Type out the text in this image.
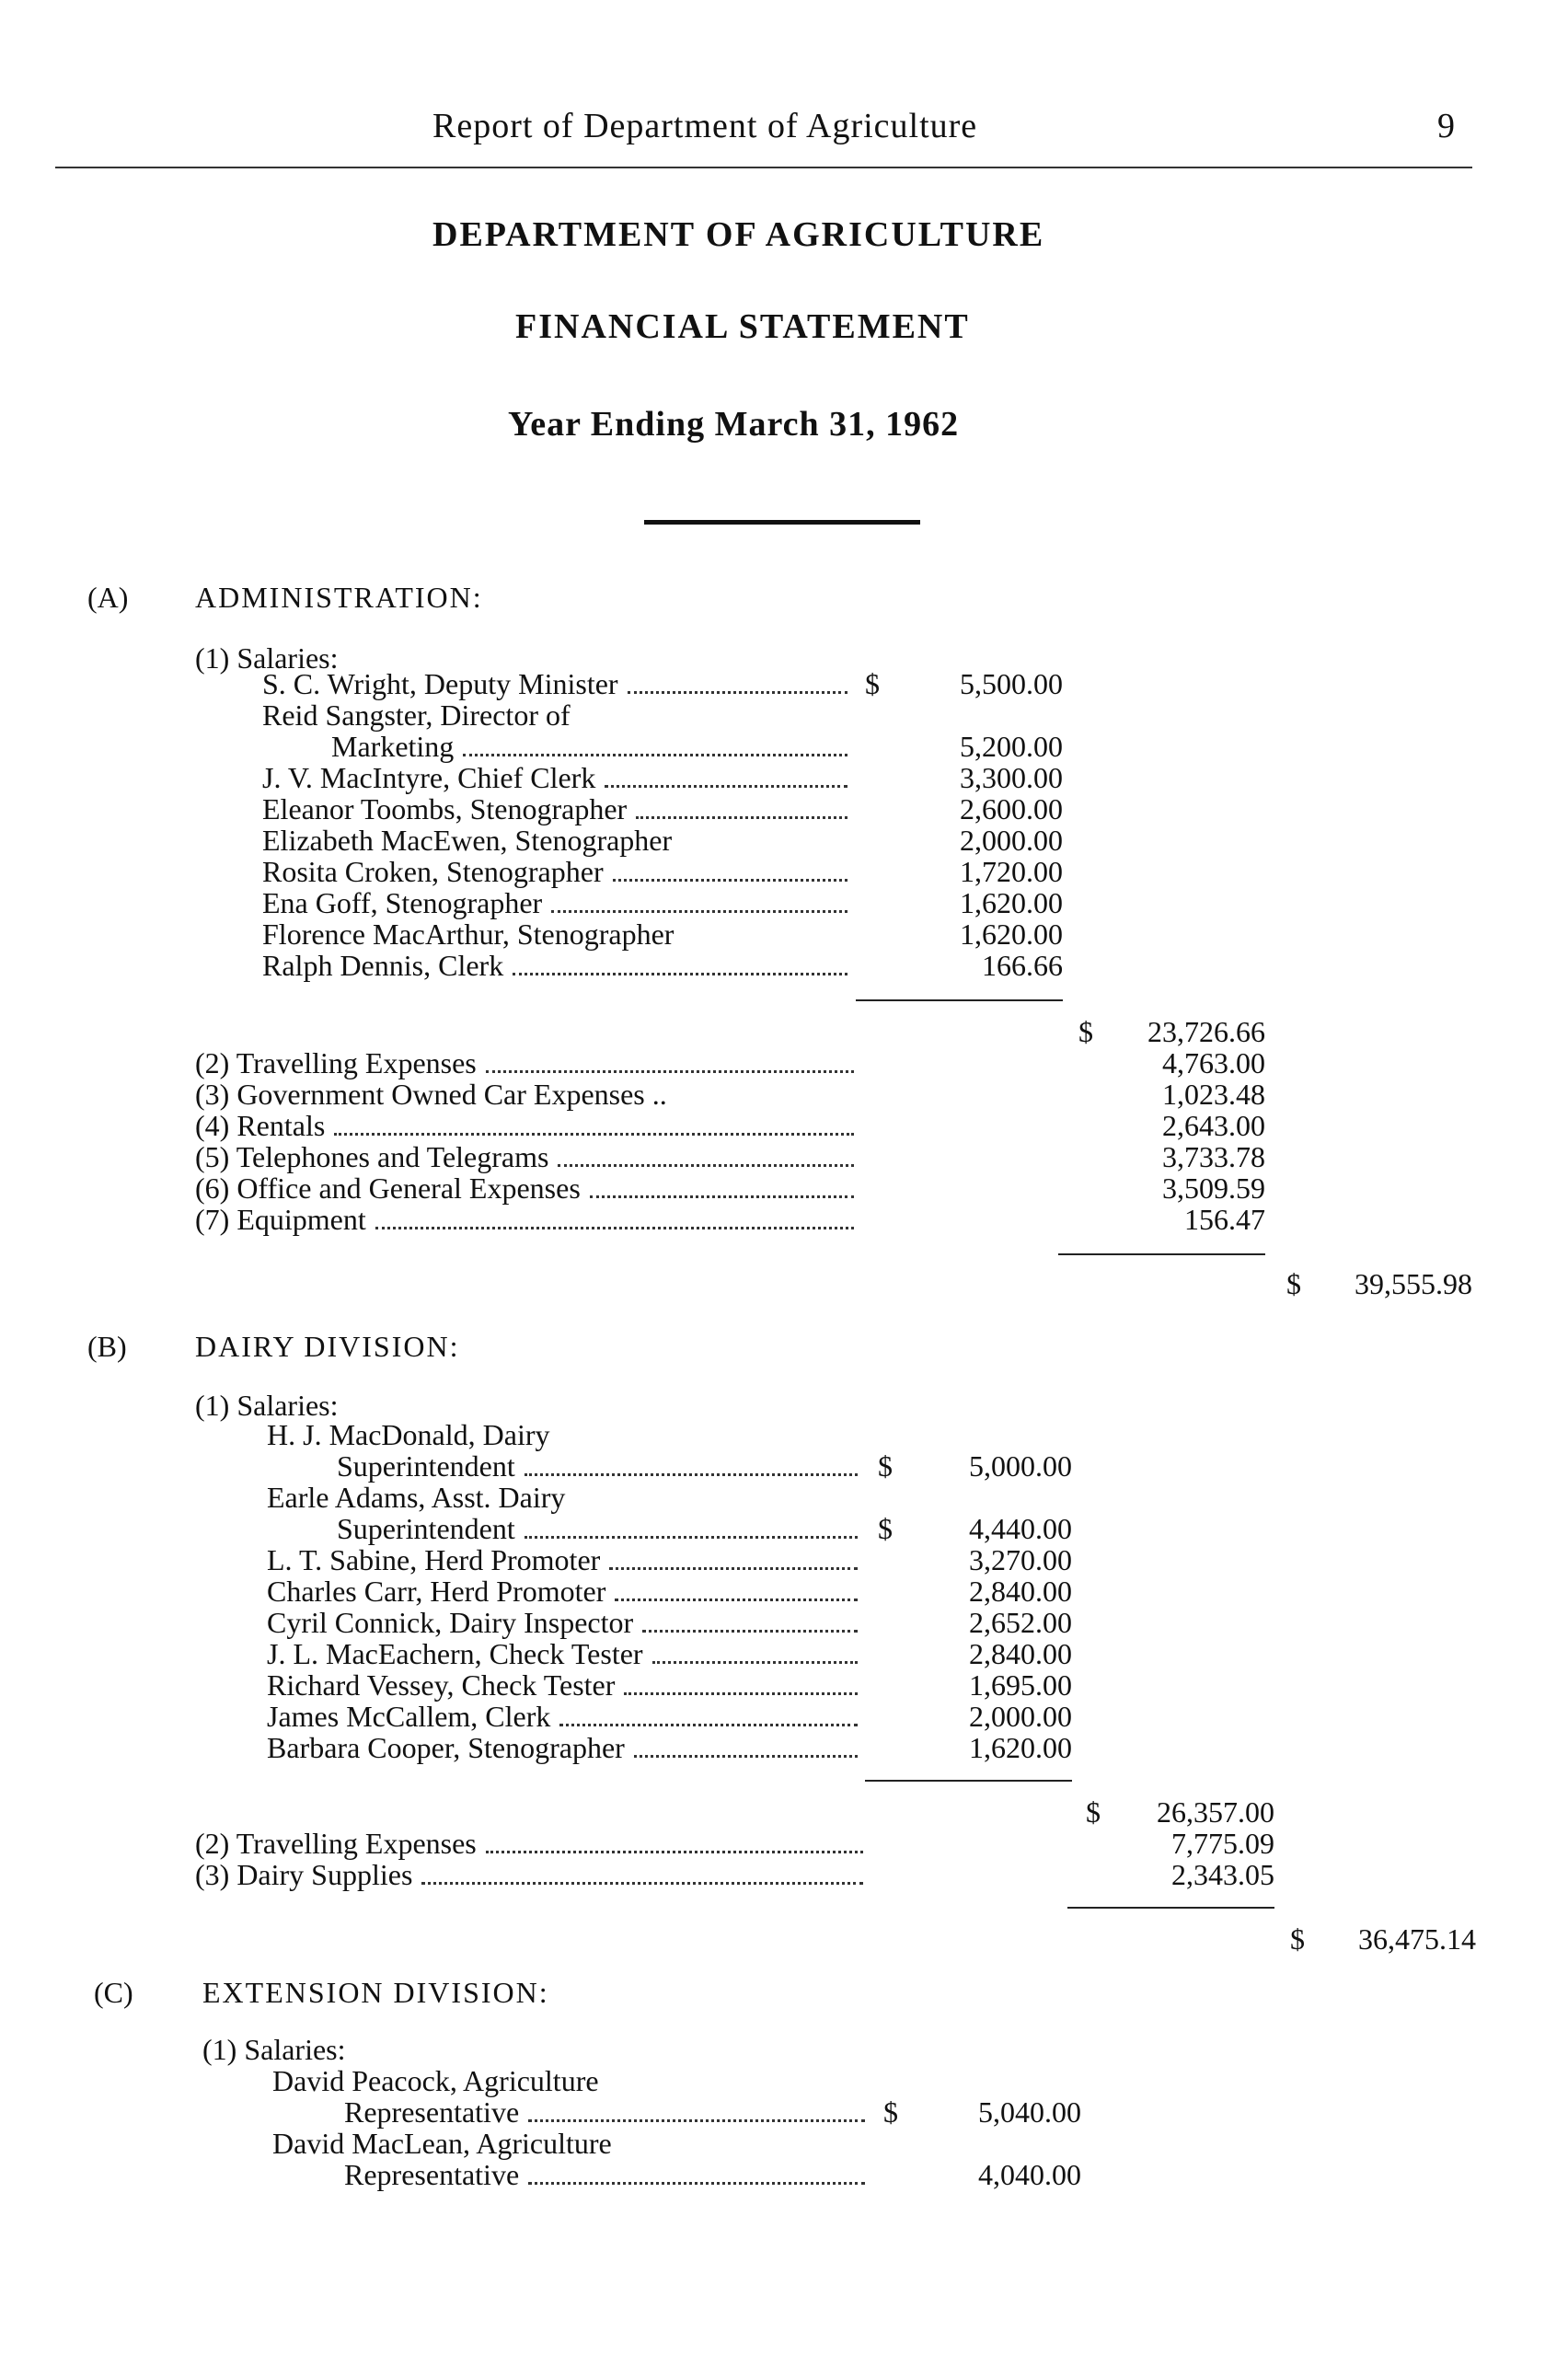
Report of Department of Agriculture	9
DEPARTMENT OF AGRICULTURE
FINANCIAL STATEMENT
Year Ending March 31, 1962
(A) ADMINISTRATION:
(1) Salaries:
S. C. Wright, Deputy Minister	$	5,500.00
Reid Sangster, Director of
Marketing	5,200.00
J. V. MacIntyre, Chief Clerk	3,300.00
Eleanor Toombs, Stenographer	2,600.00
Elizabeth MacEwen, Stenographer	2,000.00
Rosita Croken, Stenographer	1,720.00
Ena Goff, Stenographer	1,620.00
Florence MacArthur, Stenographer	1,620.00
Ralph Dennis, Clerk	166.66
$	23,726.66
(2) Travelling Expenses	4,763.00
(3) Government Owned Car Expenses ..	1,023.48
(4) Rentals	2,643.00
(5) Telephones and Telegrams	3,733.78
(6) Office and General Expenses	3,509.59
(7) Equipment	156.47
$	39,555.98
(B) DAIRY DIVISION:
(1) Salaries:
H. J. MacDonald, Dairy
Superintendent	$	5,000.00
Earle Adams, Asst. Dairy
Superintendent	$	4,440.00
L. T. Sabine, Herd Promoter	3,270.00
Charles Carr, Herd Promoter	2,840.00
Cyril Connick, Dairy Inspector	2,652.00
J. L. MacEachern, Check Tester	2,840.00
Richard Vessey, Check Tester	1,695.00
James McCallem, Clerk	2,000.00
Barbara Cooper, Stenographer	1,620.00
$	26,357.00
(2) Travelling Expenses	7,775.09
(3) Dairy Supplies	2,343.05
$	36,475.14
(C) EXTENSION DIVISION:
(1) Salaries:
David Peacock, Agriculture
Representative	$	5,040.00
David MacLean, Agriculture
Representative	4,040.00
